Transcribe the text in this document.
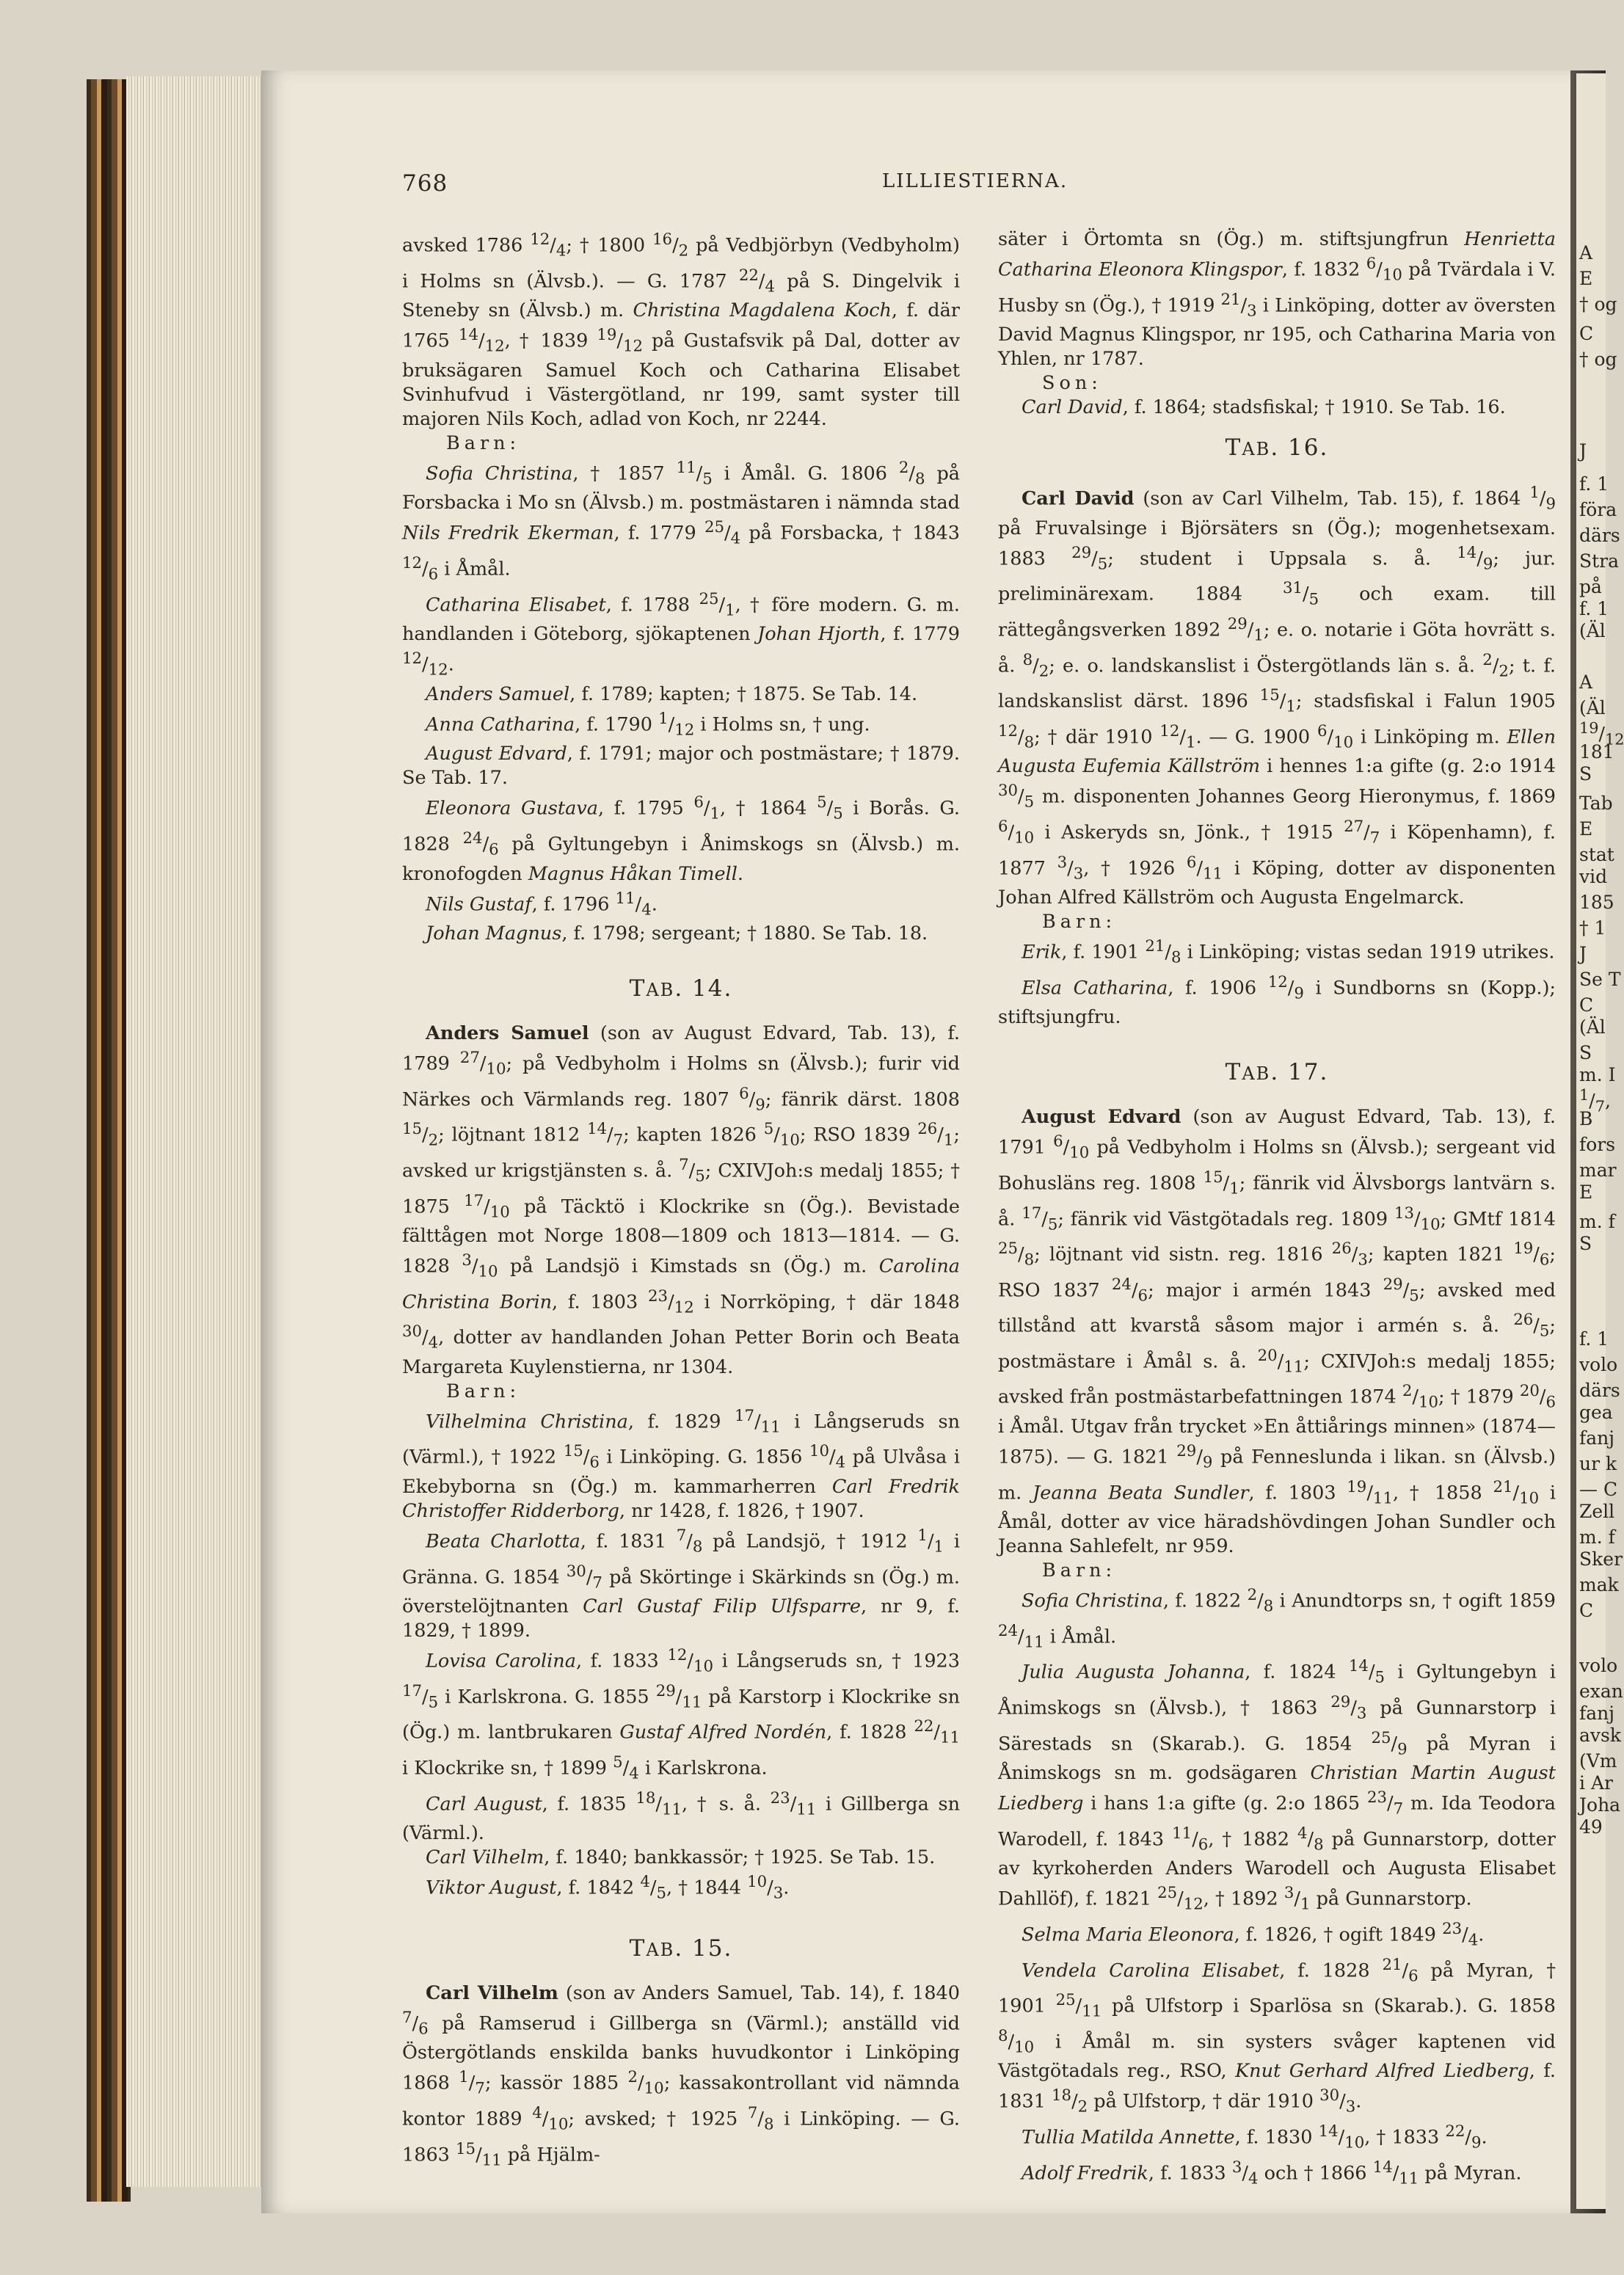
768	LILLIESTIERNA.

avsked 1786 $^{12}/_4$; † 1800 $^{16}/_2$ på Vedbjörbyn (Vedbyholm) i Holms sn (Älvsb.). — G. 1787 $^{22}/_4$ på S. Dingelvik i Steneby sn (Älvsb.) m. Christina Magdalena Koch, f. där 1765 $^{14}/_{12}$, † 1839 $^{19}/_{12}$ på Gustafsvik på Dal, dotter av bruksägaren Samuel Koch och Catharina Elisabet Svinhufvud i Västergötland, nr 199, samt syster till majoren Nils Koch, adlad von Koch, nr 2244.

Barn:

Sofia Christina, † 1857 $^{11}/_5$ i Åmål. G. 1806 $^2/_8$ på Forsbacka i Mo sn (Älvsb.) m. postmästaren i nämnda stad Nils Fredrik Ekerman, f. 1779 $^{25}/_4$ på Forsbacka, † 1843 $^{12}/_6$ i Åmål.

Catharina Elisabet, f. 1788 $^{25}/_1$, † före modern. G. m. handlanden i Göteborg, sjökaptenen Johan Hjorth, f. 1779 $^{12}/_{12}$.

Anders Samuel, f. 1789; kapten; † 1875. Se Tab. 14.

Anna Catharina, f. 1790 $^1/_{12}$ i Holms sn, † ung.

August Edvard, f. 1791; major och postmästare; † 1879. Se Tab. 17.

Eleonora Gustava, f. 1795 $^6/_1$, † 1864 $^5/_5$ i Borås. G. 1828 $^{24}/_6$ på Gyltungebyn i Ånimskogs sn (Älvsb.) m. kronofogden Magnus Håkan Timell.

Nils Gustaf, f. 1796 $^{11}/_4$.

Johan Magnus, f. 1798; sergeant; † 1880. Se Tab. 18.

TAB. 14.

Anders Samuel (son av August Edvard, Tab. 13), f. 1789 $^{27}/_{10}$; på Vedbyholm i Holms sn (Älvsb.); furir vid Närkes och Värmlands reg. 1807 $^6/_9$; fänrik därst. 1808 $^{15}/_2$; löjtnant 1812 $^{14}/_7$; kapten 1826 $^5/_{10}$; RSO 1839 $^{26}/_1$; avsked ur krigstjänsten s. å. $^7/_5$; CXIVJoh:s medalj 1855; † 1875 $^{17}/_{10}$ på Täcktö i Klockrike sn (Ög.). Bevistade fälttågen mot Norge 1808—1809 och 1813—1814. — G. 1828 $^3/_{10}$ på Landsjö i Kimstads sn (Ög.) m. Carolina Christina Borin, f. 1803 $^{23}/_{12}$ i Norrköping, † där 1848 $^{30}/_4$, dotter av handlanden Johan Petter Borin och Beata Margareta Kuylenstierna, nr 1304.

Barn:

Vilhelmina Christina, f. 1829 $^{17}/_{11}$ i Långseruds sn (Värml.), † 1922 $^{15}/_6$ i Linköping. G. 1856 $^{10}/_4$ på Ulvåsa i Ekebyborna sn (Ög.) m. kammarherren Carl Fredrik Christoffer Ridderborg, nr 1428, f. 1826, † 1907.

Beata Charlotta, f. 1831 $^7/_8$ på Landsjö, † 1912 $^1/_1$ i Gränna. G. 1854 $^{30}/_7$ på Skörtinge i Skärkinds sn (Ög.) m. överstelöjtnanten Carl Gustaf Filip Ulfsparre, nr 9, f. 1829, † 1899.

Lovisa Carolina, f. 1833 $^{12}/_{10}$ i Långseruds sn, † 1923 $^{17}/_5$ i Karlskrona. G. 1855 $^{29}/_{11}$ på Karstorp i Klockrike sn (Ög.) m. lantbrukaren Gustaf Alfred Nordén, f. 1828 $^{22}/_{11}$ i Klockrike sn, † 1899 $^5/_4$ i Karlskrona.

Carl August, f. 1835 $^{18}/_{11}$, † s. å. $^{23}/_{11}$ i Gillberga sn (Värml.).

Carl Vilhelm, f. 1840; bankkassör; † 1925. Se Tab. 15.

Viktor August, f. 1842 $^4/_5$, † 1844 $^{10}/_3$.

TAB. 15.

Carl Vilhelm (son av Anders Samuel, Tab. 14), f. 1840 $^7/_6$ på Ramserud i Gillberga sn (Värml.); anställd vid Östergötlands enskilda banks huvudkontor i Linköping 1868 $^1/_7$; kassör 1885 $^2/_{10}$; kassakontrollant vid nämnda kontor 1889 $^4/_{10}$; avsked; † 1925 $^7/_8$ i Linköping. — G. 1863 $^{15}/_{11}$ på Hjälm-

säter i Örtomta sn (Ög.) m. stiftsjungfrun Henrietta Catharina Eleonora Klingspor, f. 1832 $^6/_{10}$ på Tvärdala i V. Husby sn (Ög.), † 1919 $^{21}/_3$ i Linköping, dotter av översten David Magnus Klingspor, nr 195, och Catharina Maria von Yhlen, nr 1787.

Son:

Carl David, f. 1864; stadsfiskal; † 1910. Se Tab. 16.

TAB. 16.

Carl David (son av Carl Vilhelm, Tab. 15), f. 1864 $^1/_9$ på Fruvalsinge i Björsäters sn (Ög.); mogenhetsexam. 1883 $^{29}/_5$; student i Uppsala s. å. $^{14}/_9$; jur. preliminärexam. 1884 $^{31}/_5$ och exam. till rättegångsverken 1892 $^{29}/_1$; e. o. notarie i Göta hovrätt s. å. $^8/_2$; e. o. landskanslist i Östergötlands län s. å. $^2/_2$; t. f. landskanslist därst. 1896 $^{15}/_1$; stadsfiskal i Falun 1905 $^{12}/_8$; † där 1910 $^{12}/_1$. — G. 1900 $^6/_{10}$ i Linköping m. Ellen Augusta Eufemia Källström i hennes 1:a gifte (g. 2:o 1914 $^{30}/_5$ m. disponenten Johannes Georg Hieronymus, f. 1869 $^6/_{10}$ i Askeryds sn, Jönk., † 1915 $^{27}/_7$ i Köpenhamn), f. 1877 $^3/_3$, † 1926 $^6/_{11}$ i Köping, dotter av disponenten Johan Alfred Källström och Augusta Engelmarck.

Barn:

Erik, f. 1901 $^{21}/_8$ i Linköping; vistas sedan 1919 utrikes.

Elsa Catharina, f. 1906 $^{12}/_9$ i Sundborns sn (Kopp.); stiftsjungfru.

TAB. 17.

August Edvard (son av August Edvard, Tab. 13), f. 1791 $^6/_{10}$ på Vedbyholm i Holms sn (Älvsb.); sergeant vid Bohusläns reg. 1808 $^{15}/_1$; fänrik vid Älvsborgs lantvärn s. å. $^{17}/_5$; fänrik vid Västgötadals reg. 1809 $^{13}/_{10}$; GMtf 1814 $^{25}/_8$; löjtnant vid sistn. reg. 1816 $^{26}/_3$; kapten 1821 $^{19}/_6$; RSO 1837 $^{24}/_6$; major i armén 1843 $^{29}/_5$; avsked med tillstånd att kvarstå såsom major i armén s. å. $^{26}/_5$; postmästare i Åmål s. å. $^{20}/_{11}$; CXIVJoh:s medalj 1855; avsked från postmästarbefattningen 1874 $^2/_{10}$; † 1879 $^{20}/_6$ i Åmål. Utgav från trycket »En åttiårings minnen» (1874—1875). — G. 1821 $^{29}/_9$ på Fenneslunda i likan. sn (Älvsb.) m. Jeanna Beata Sundler, f. 1803 $^{19}/_{11}$, † 1858 $^{21}/_{10}$ i Åmål, dotter av vice häradshövdingen Johan Sundler och Jeanna Sahlefelt, nr 959.

Barn:

Sofia Christina, f. 1822 $^2/_8$ i Anundtorps sn, † ogift 1859 $^{24}/_{11}$ i Åmål.

Julia Augusta Johanna, f. 1824 $^{14}/_5$ i Gyltungebyn i Ånimskogs sn (Älvsb.), † 1863 $^{29}/_3$ på Gunnarstorp i Särestads sn (Skarab.). G. 1854 $^{25}/_9$ på Myran i Ånimskogs sn m. godsägaren Christian Martin August Liedberg i hans 1:a gifte (g. 2:o 1865 $^{23}/_7$ m. Ida Teodora Warodell, f. 1843 $^{11}/_6$, † 1882 $^4/_8$ på Gunnarstorp, dotter av kyrkoherden Anders Warodell och Augusta Elisabet Dahllöf), f. 1821 $^{25}/_{12}$, † 1892 $^3/_1$ på Gunnarstorp.

Selma Maria Eleonora, f. 1826, † ogift 1849 $^{23}/_4$.

Vendela Carolina Elisabet, f. 1828 $^{21}/_6$ på Myran, † 1901 $^{25}/_{11}$ på Ulfstorp i Sparlösa sn (Skarab.). G. 1858 $^8/_{10}$ i Åmål m. sin systers svåger kaptenen vid Västgötadals reg., RSO, Knut Gerhard Alfred Liedberg, f. 1831 $^{18}/_2$ på Ulfstorp, † där 1910 $^{30}/_3$.

Tullia Matilda Annette, f. 1830 $^{14}/_{10}$, † 1833 $^{22}/_9$.

Adolf Fredrik, f. 1833 $^3/_4$ och † 1866 $^{14}/_{11}$ på Myran.

A
E
† og
C
† og
J
f. 1
föra
därs
Stra
på
f. 1
(Äl
A
(Äl
$^{19}/_{12}$
181
S
Tab
E
stat
vid
185
† 1
J
Se T
C
(Äl
S
m. I
$^1/_7$,
B
fors
mar
E
m. f
S
f. 1
volo
därs
gea
fanj
ur k
— C
Zell
m. f
Sker
mak
C
volo
exan
fanj
avsk
(Vm
i Ar
Joha
49
